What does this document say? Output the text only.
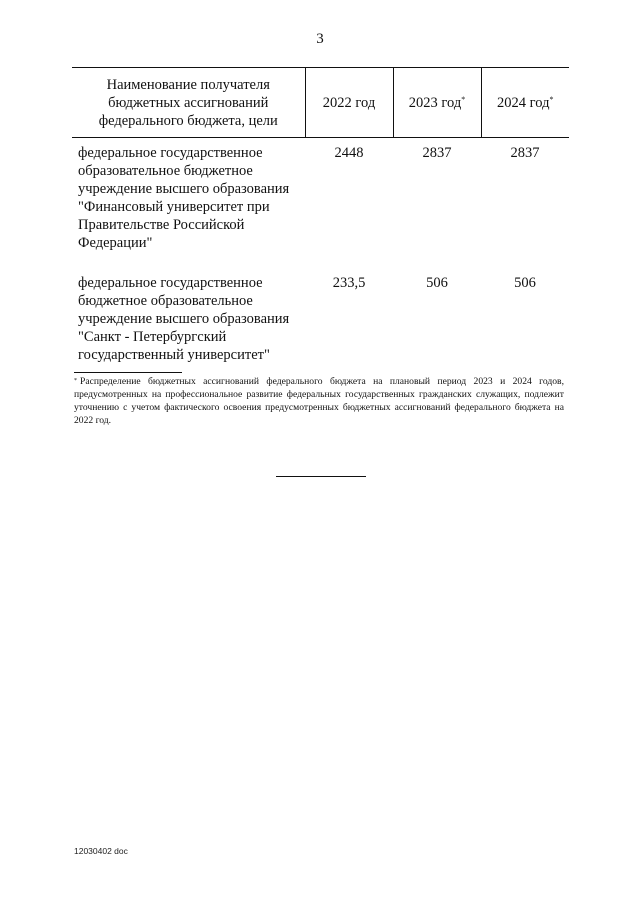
3
Наименование получателя бюджетных ассигнований федерального бюджета, цели	2022 год	2023 год*	2024 год*
федеральное государственное образовательное бюджетное учреждение высшего образования "Финансовый университет при Правительстве Российской Федерации"	2448	2837	2837
федеральное государственное бюджетное образовательное учреждение высшего образования "Санкт - Петербургский государственный университет"	233,5	506	506
* Распределение бюджетных ассигнований федерального бюджета на плановый период 2023 и 2024 годов, предусмотренных на профессиональное развитие федеральных государственных гражданских служащих, подлежит уточнению с учетом фактического освоения предусмотренных бюджетных ассигнований федерального бюджета на 2022 год.
12030402 doc
